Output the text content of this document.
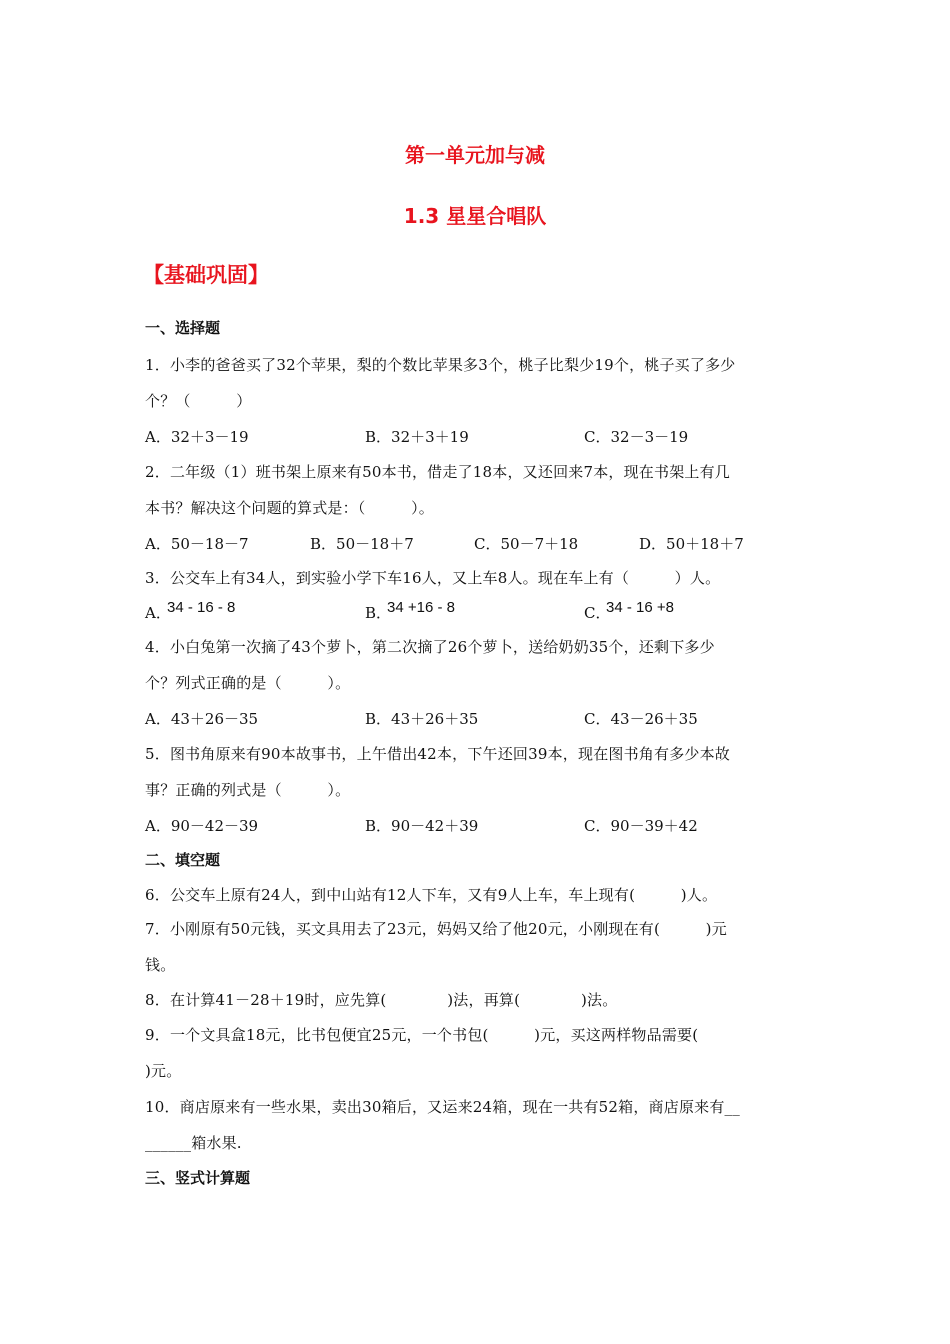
第一单元加与减
1.3 星星合唱队
【基础巩固】
一、选择题
1．小李的爸爸买了32个苹果，梨的个数比苹果多3个，桃子比梨少19个，桃子买了多少
个？（　　　）
A．32＋3－19	B．32＋3＋19	C．32－3－19
2．二年级（1）班书架上原来有50本书，借走了18本，又还回来7本，现在书架上有几
本书？解决这个问题的算式是：（　　　）。
A．50－18－7	B．50－18＋7	C．50－7＋18	D．50＋18＋7
3．公交车上有34人，到实验小学下车16人，又上车8人。现在车上有（　　　）人。
A．
34 - 16 - 8	B．
34 +16 - 8	C．
34 - 16 +8
4．小白兔第一次摘了43个萝卜，第二次摘了26个萝卜，送给奶奶35个，还剩下多少
个？列式正确的是（　　　）。
A．43＋26－35	B．43＋26＋35	C．43－26＋35
5．图书角原来有90本故事书，上午借出42本，下午还回39本，现在图书角有多少本故
事？正确的列式是（　　　）。
A．90－42－39	B．90－42＋39	C．90－39＋42
二、填空题
6．公交车上原有24人，到中山站有12人下车，又有9人上车，车上现有(　　　)人。
7．小刚原有50元钱，买文具用去了23元，妈妈又给了他20元，小刚现在有(　　　)元
钱。
8．在计算41－28＋19时，应先算(　　　　)法，再算(　　　　)法。
9．一个文具盒18元，比书包便宜25元，一个书包(　　　)元，买这两样物品需要(
)元。
10．商店原来有一些水果，卖出30箱后，又运来24箱，现在一共有52箱，商店原来有__
______箱水果.
三、竖式计算题
